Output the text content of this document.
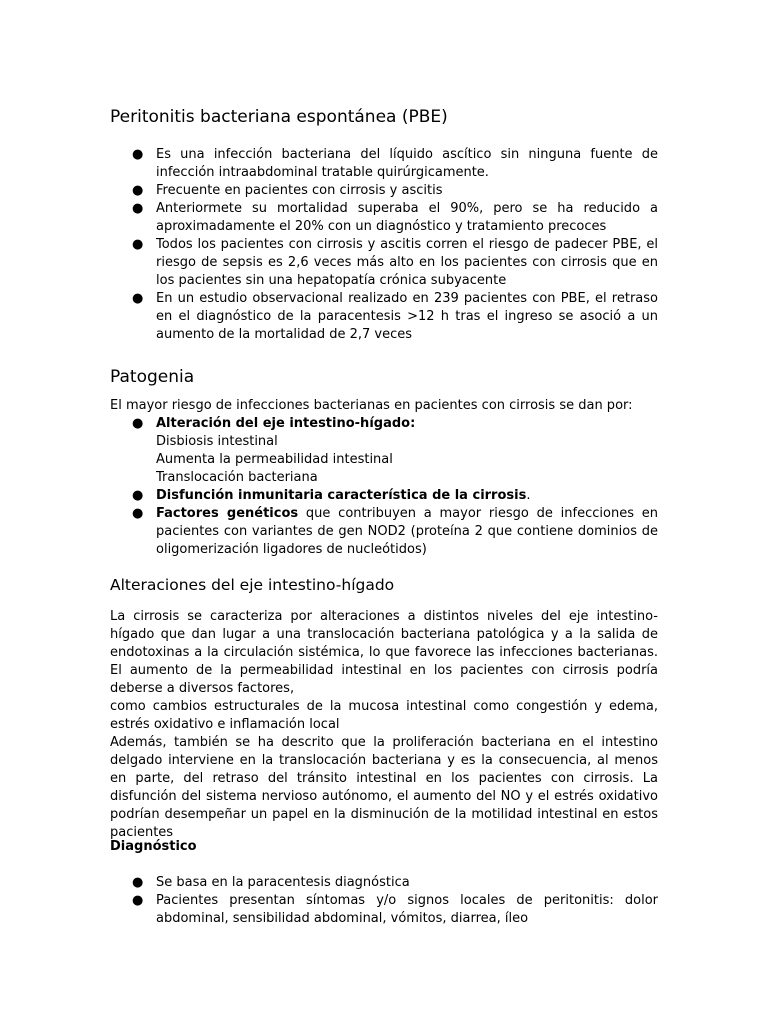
Peritonitis bacteriana espontánea (PBE)
● Es una infección bacteriana del líquido ascítico sin ninguna fuente de infección intraabdominal tratable quirúrgicamente.
● Frecuente en pacientes con cirrosis y ascitis
● Anteriormete su mortalidad superaba el 90%, pero se ha reducido a aproximadamente el 20% con un diagnóstico y tratamiento precoces
● Todos los pacientes con cirrosis y ascitis corren el riesgo de padecer PBE, el riesgo de sepsis es 2,6 veces más alto en los pacientes con cirrosis que en los pacientes sin una hepatopatía crónica subyacente
● En un estudio observacional realizado en 239 pacientes con PBE, el retraso en el diagnóstico de la paracentesis >12 h tras el ingreso se asoció a un aumento de la mortalidad de 2,7 veces
Patogenia
El mayor riesgo de infecciones bacterianas en pacientes con cirrosis se dan por:
● Alteración del eje intestino-hígado:
Disbiosis intestinal
Aumenta la permeabilidad intestinal
Translocación bacteriana
● Disfunción inmunitaria característica de la cirrosis.
● Factores genéticos que contribuyen a mayor riesgo de infecciones en pacientes con variantes de gen NOD2 (proteína 2 que contiene dominios de oligomerización ligadores de nucleótidos)
Alteraciones del eje intestino-hígado
La cirrosis se caracteriza por alteraciones a distintos niveles del eje intestino-hígado que dan lugar a una translocación bacteriana patológica y a la salida de endotoxinas a la circulación sistémica, lo que favorece las infecciones bacterianas. El aumento de la permeabilidad intestinal en los pacientes con cirrosis podría deberse a diversos factores,
como cambios estructurales de la mucosa intestinal como congestión y edema, estrés oxidativo e inflamación local
Además, también se ha descrito que la proliferación bacteriana en el intestino delgado interviene en la translocación bacteriana y es la consecuencia, al menos en parte, del retraso del tránsito intestinal en los pacientes con cirrosis. La disfunción del sistema nervioso autónomo, el aumento del NO y el estrés oxidativo podrían desempeñar un papel en la disminución de la motilidad intestinal en estos pacientes
Diagnóstico
● Se basa en la paracentesis diagnóstica
● Pacientes presentan síntomas y/o signos locales de peritonitis: dolor abdominal, sensibilidad abdominal, vómitos, diarrea, íleo
